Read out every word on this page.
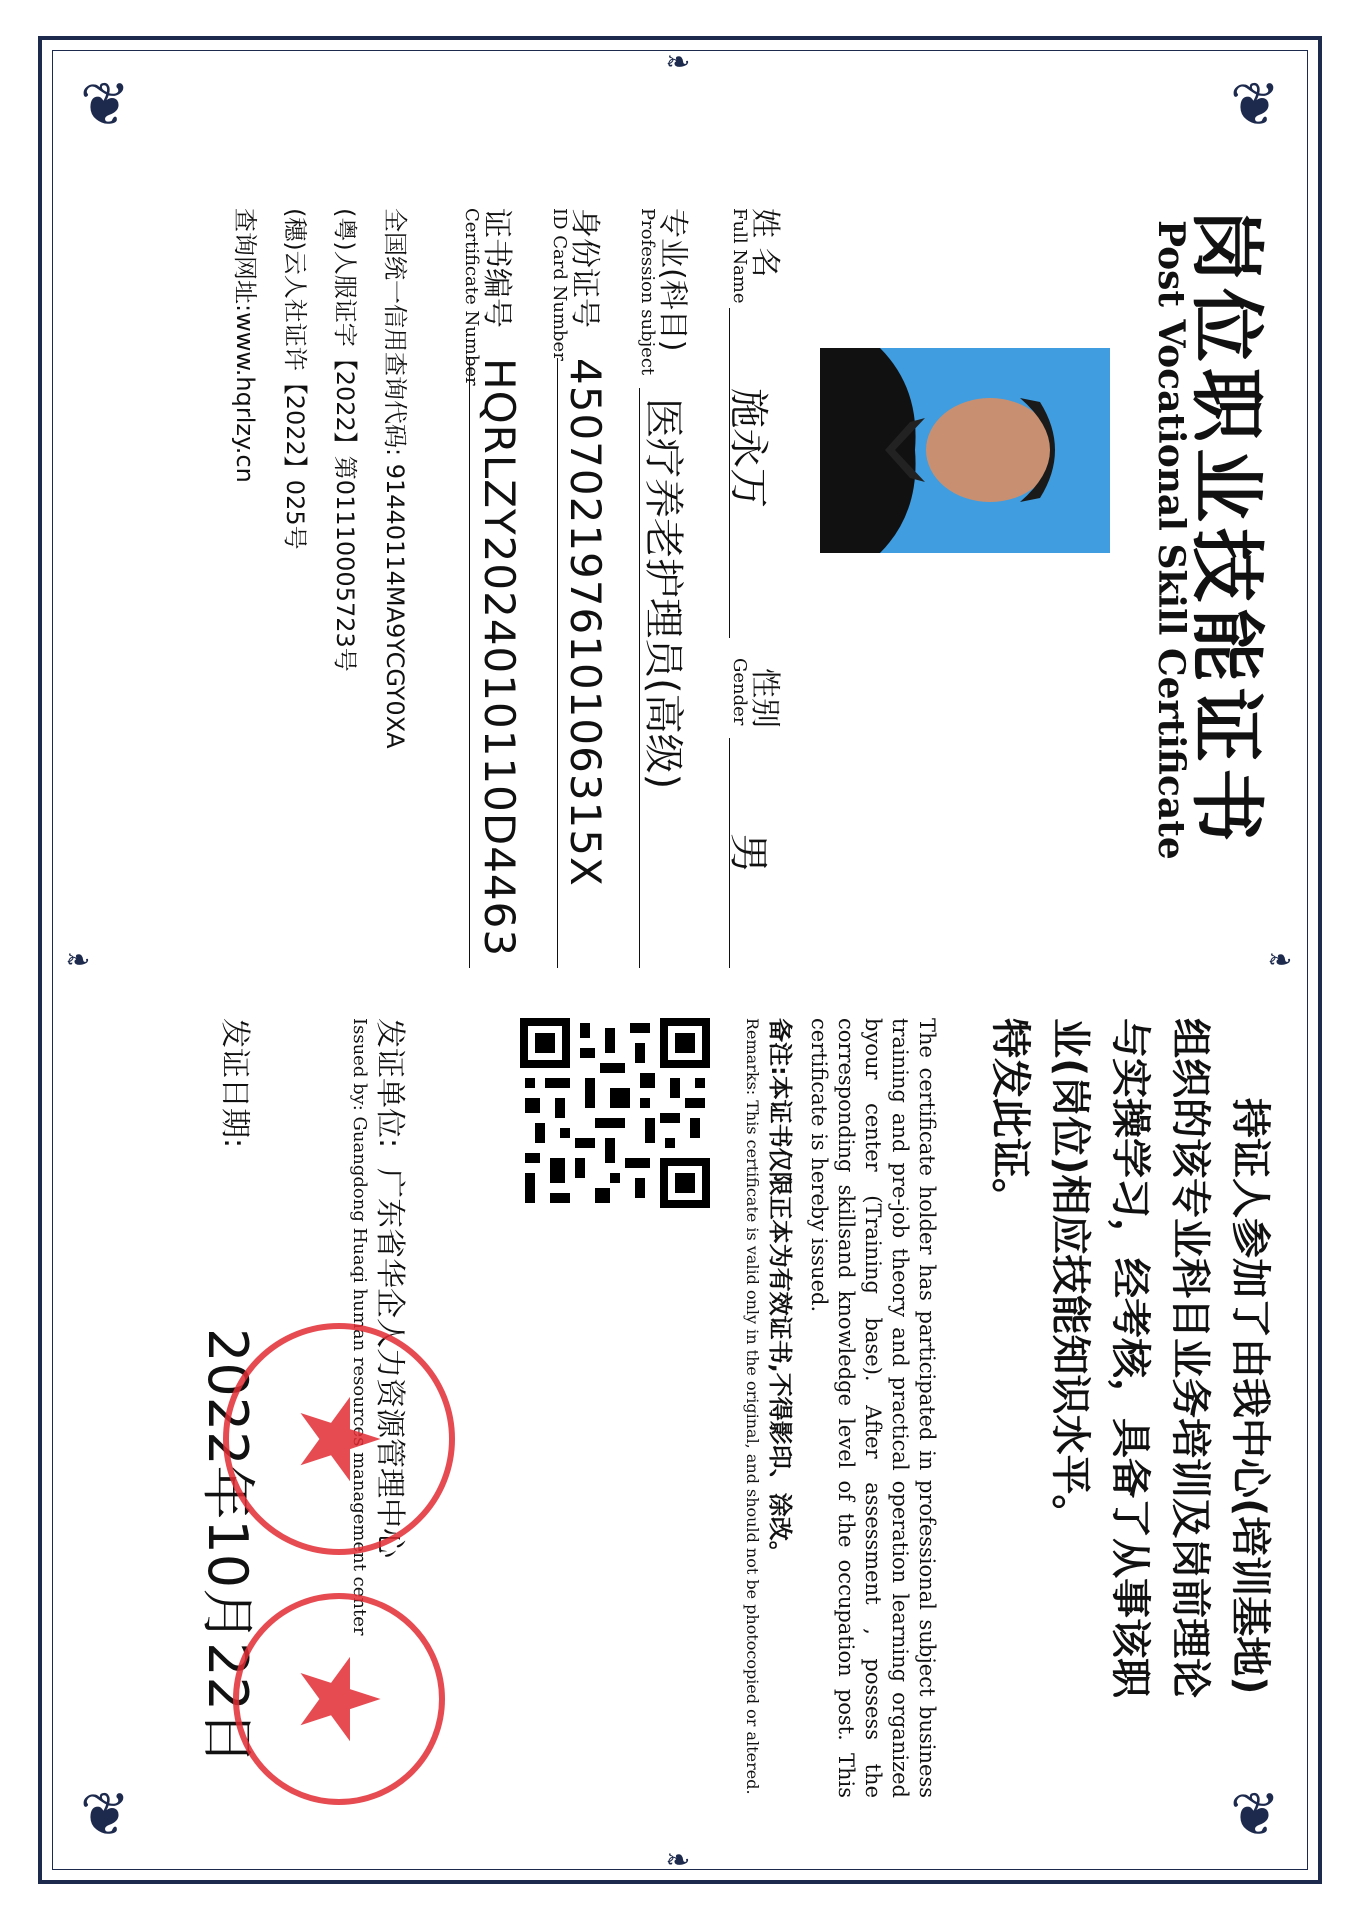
❦	❦
❦	❦
❧
❧
❧	❧
岗位职业技能证书
Post Vocational Skill Certificate
姓 名
Full Name
施永万
性别
Gender
男
专业(科目)
Profession subject
医疗养老护理员(高级)
身份证号
ID Card Number
450702197610106315X
证书编号
Certificate Number
HQRLZY2024010110D4463
全国统一信用查询代码: 91440114MA9YCGY0XA
(粤)人服证字【2022】第01110005723号
(穗)云人社证许【2022】025号
查询网址:www.hqrlzy.cn
持证人参加了由我中心(培训基地)
组织的该专业科目业务培训及岗前理论
与实操学习，经考核，具备了从事该职
业(岗位)相应技能知识水平。
特发此证。
The certificate holder has participated in professional subject business training and pre-job theory and practical operation learning organized byour center (Training base). After assessment , possess the corresponding skillsand knowledge level of the occupation post. This certificate is hereby issued.
备注:本证书仅限正本为有效证书,不得影印、涂改。
Remarks: This certificate is valid only in the original, and should not be photocopied or altered.
发证单位:
广东省华企人力资源管理中心
Issued by: Guangdong Huaqi human resources management center
发证日期:
2022年10月22日 ★
★
